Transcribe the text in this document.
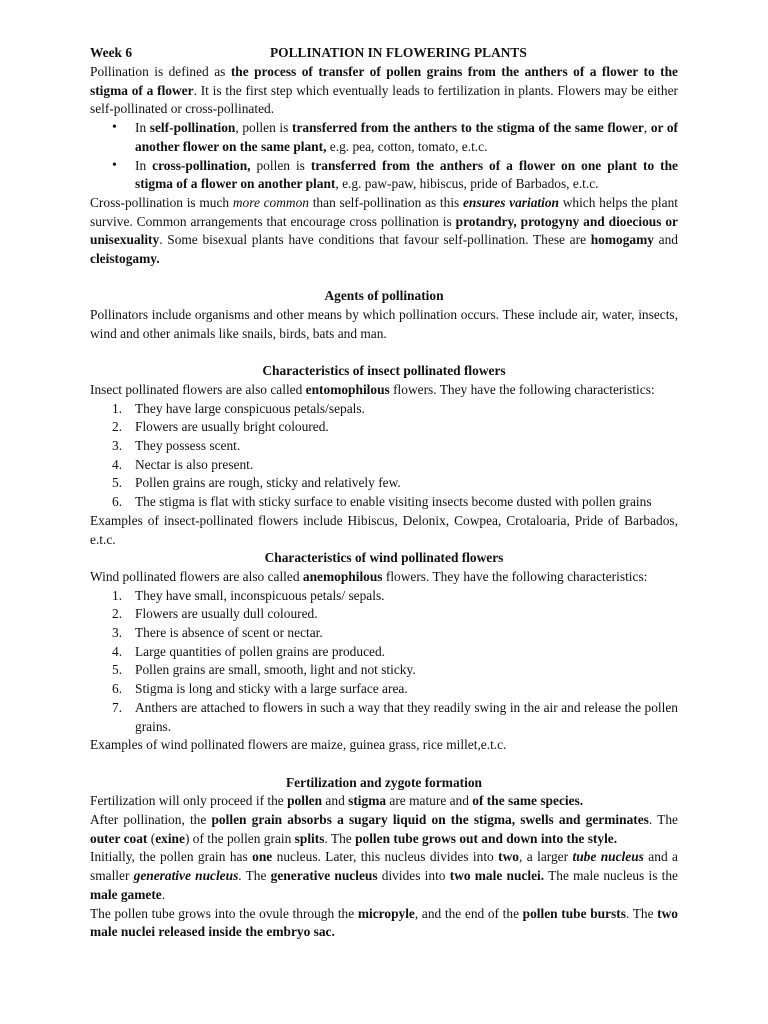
Week 6	POLLINATION IN FLOWERING PLANTS

Pollination is defined as the process of transfer of pollen grains from the anthers of a flower to the stigma of a flower. It is the first step which eventually leads to fertilization in plants. Flowers may be either self-pollinated or cross-pollinated.

• In self-pollination, pollen is transferred from the anthers to the stigma of the same flower, or of another flower on the same plant, e.g. pea, cotton, tomato, e.t.c.
• In cross-pollination, pollen is transferred from the anthers of a flower on one plant to the stigma of a flower on another plant, e.g. paw-paw, hibiscus, pride of Barbados, e.t.c.

Cross-pollination is much more common than self-pollination as this ensures variation which helps the plant survive. Common arrangements that encourage cross pollination is protandry, protogyny and dioecious or unisexuality. Some bisexual plants have conditions that favour self-pollination. These are homogamy and cleistogamy.

Agents of pollination

Pollinators include organisms and other means by which pollination occurs. These include air, water, insects, wind and other animals like snails, birds, bats and man.

Characteristics of insect pollinated flowers

Insect pollinated flowers are also called entomophilous flowers. They have the following characteristics:

1. They have large conspicuous petals/sepals.
2. Flowers are usually bright coloured.
3. They possess scent.
4. Nectar is also present.
5. Pollen grains are rough, sticky and relatively few.
6. The stigma is flat with sticky surface to enable visiting insects become dusted with pollen grains

Examples of insect-pollinated flowers include Hibiscus, Delonix, Cowpea, Crotaloaria, Pride of Barbados, e.t.c.

Characteristics of wind pollinated flowers

Wind pollinated flowers are also called anemophilous flowers. They have the following characteristics:

1. They have small, inconspicuous petals/ sepals.
2. Flowers are usually dull coloured.
3. There is absence of scent or nectar.
4. Large quantities of pollen grains are produced.
5. Pollen grains are small, smooth, light and not sticky.
6. Stigma is long and sticky with a large surface area.
7. Anthers are attached to flowers in such a way that they readily swing in the air and release the pollen grains.

Examples of wind pollinated flowers are maize, guinea grass, rice millet,e.t.c.

Fertilization and zygote formation

Fertilization will only proceed if the pollen and stigma are mature and of the same species.

After pollination, the pollen grain absorbs a sugary liquid on the stigma, swells and germinates. The outer coat (exine) of the pollen grain splits. The pollen tube grows out and down into the style.

Initially, the pollen grain has one nucleus. Later, this nucleus divides into two, a larger tube nucleus and a smaller generative nucleus. The generative nucleus divides into two male nuclei. The male nucleus is the male gamete.

The pollen tube grows into the ovule through the micropyle, and the end of the pollen tube bursts. The two male nuclei released inside the embryo sac.
